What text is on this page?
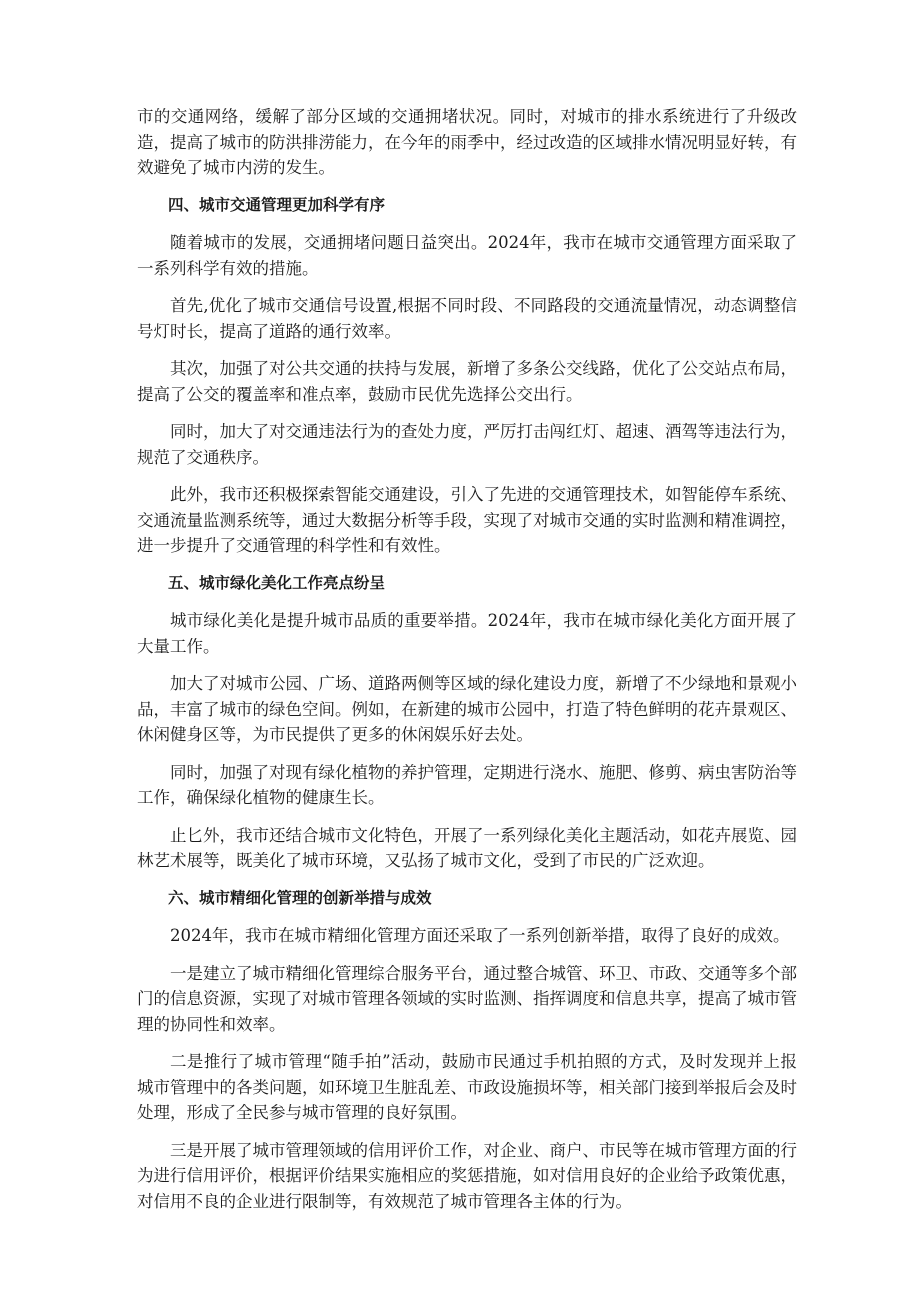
市的交通网络，缓解了部分区域的交通拥堵状况。同时，对城市的排水系统进行了升级改造，提高了城市的防洪排涝能力，在今年的雨季中，经过改造的区域排水情况明显好转，有效避免了城市内涝的发生。

四、城市交通管理更加科学有序

随着城市的发展，交通拥堵问题日益突出。2024年，我市在城市交通管理方面采取了一系列科学有效的措施。

首先,优化了城市交通信号设置,根据不同时段、不同路段的交通流量情况，动态调整信号灯时长，提高了道路的通行效率。

其次，加强了对公共交通的扶持与发展，新增了多条公交线路，优化了公交站点布局，提高了公交的覆盖率和准点率，鼓励市民优先选择公交出行。

同时，加大了对交通违法行为的查处力度，严厉打击闯红灯、超速、酒驾等违法行为，规范了交通秩序。

此外，我市还积极探索智能交通建设，引入了先进的交通管理技术，如智能停车系统、交通流量监测系统等，通过大数据分析等手段，实现了对城市交通的实时监测和精准调控，进一步提升了交通管理的科学性和有效性。

五、城市绿化美化工作亮点纷呈

城市绿化美化是提升城市品质的重要举措。2024年，我市在城市绿化美化方面开展了大量工作。

加大了对城市公园、广场、道路两侧等区域的绿化建设力度，新增了不少绿地和景观小品，丰富了城市的绿色空间。例如，在新建的城市公园中，打造了特色鲜明的花卉景观区、休闲健身区等，为市民提供了更多的休闲娱乐好去处。

同时，加强了对现有绿化植物的养护管理，定期进行浇水、施肥、修剪、病虫害防治等工作，确保绿化植物的健康生长。

止匕外，我市还结合城市文化特色，开展了一系列绿化美化主题活动，如花卉展览、园林艺术展等，既美化了城市环境，又弘扬了城市文化，受到了市民的广泛欢迎。

六、城市精细化管理的创新举措与成效

2024年，我市在城市精细化管理方面还采取了一系列创新举措，取得了良好的成效。

一是建立了城市精细化管理综合服务平台，通过整合城管、环卫、市政、交通等多个部门的信息资源，实现了对城市管理各领域的实时监测、指挥调度和信息共享，提高了城市管理的协同性和效率。

二是推行了城市管理“随手拍”活动，鼓励市民通过手机拍照的方式，及时发现并上报城市管理中的各类问题，如环境卫生脏乱差、市政设施损坏等，相关部门接到举报后会及时处理，形成了全民参与城市管理的良好氛围。

三是开展了城市管理领域的信用评价工作，对企业、商户、市民等在城市管理方面的行为进行信用评价，根据评价结果实施相应的奖惩措施，如对信用良好的企业给予政策优惠，对信用不良的企业进行限制等，有效规范了城市管理各主体的行为。
